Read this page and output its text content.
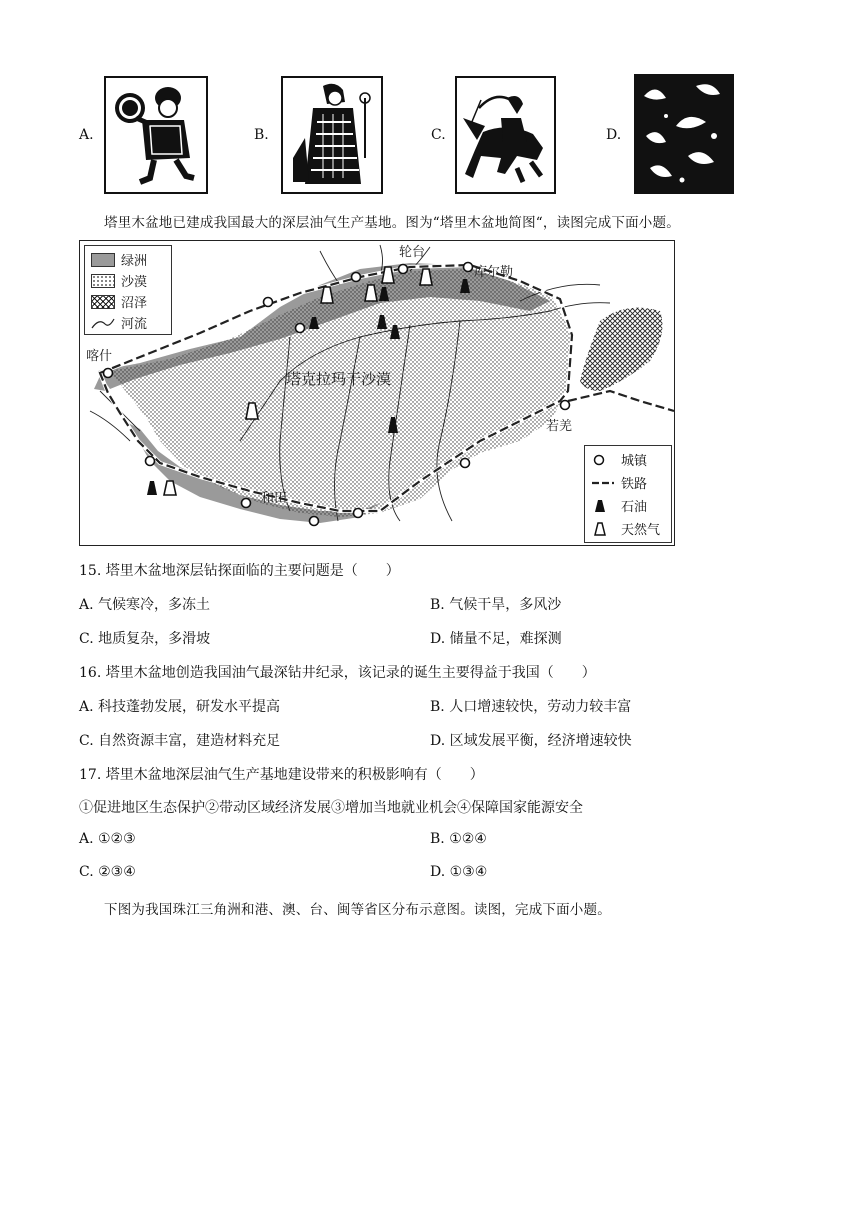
A.	B.	C.	D.
塔里木盆地已建成我国最大的深层油气生产基地。图为“塔里木盆地简图“，读图完成下面小题。
塔克拉玛干沙漠
喀什
轮台
库尔勒
若羌
和田
绿洲
沙漠
沼泽
河流
城镇
铁路
石油
天然气
15. 塔里木盆地深层钻探面临的主要问题是（　　）
A. 气候寒冷，多冻土	B. 气候干旱，多风沙
C. 地质复杂，多滑坡	D. 储量不足，难探测
16. 塔里木盆地创造我国油气最深钻井纪录，该记录的诞生主要得益于我国（　　）
A. 科技蓬勃发展，研发水平提高	B. 人口增速较快，劳动力较丰富
C. 自然资源丰富，建造材料充足	D. 区域发展平衡，经济增速较快
17. 塔里木盆地深层油气生产基地建设带来的积极影响有（　　）
①促进地区生态保护②带动区域经济发展③增加当地就业机会④保障国家能源安全
A. ①②③	B. ①②④
C. ②③④	D. ①③④
下图为我国珠江三角洲和港、澳、台、闽等省区分布示意图。读图，完成下面小题。
